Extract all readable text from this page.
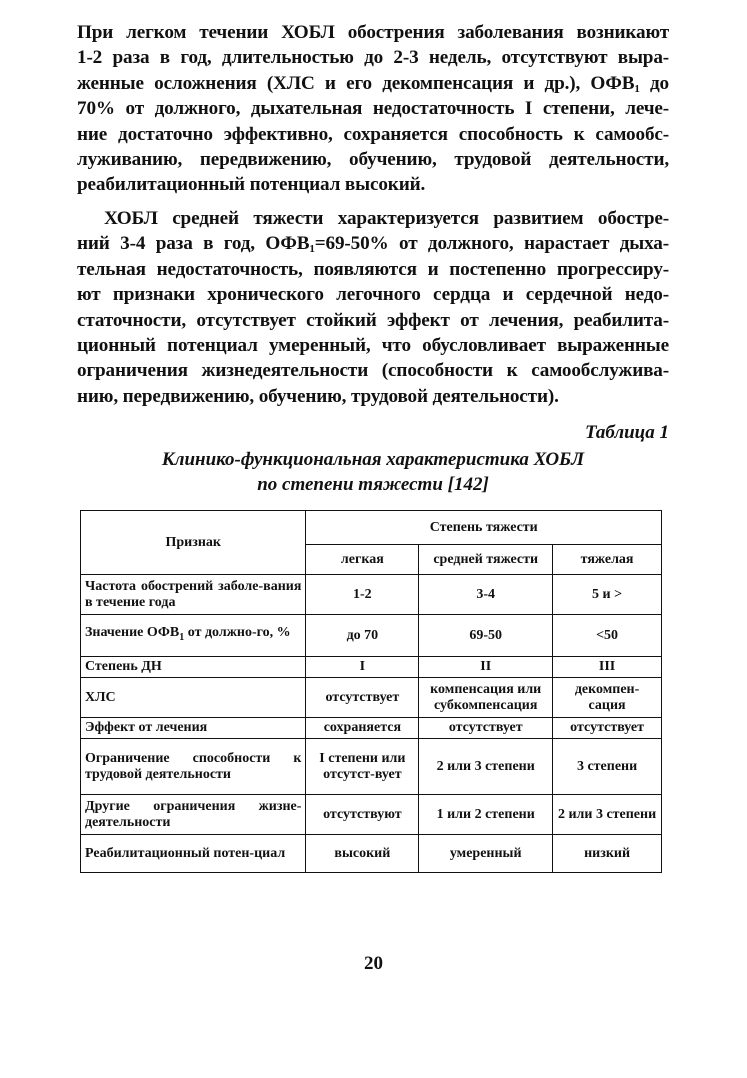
При легком течении ХОБЛ обострения заболевания возникают
1-2 раза в год, длительностью до 2-3 недель, отсутствуют выра-
женные осложнения (ХЛС и его декомпенсация и др.), $ОФВ_1$ до
70% от должного, дыхательная недостаточность I степени, лече-
ние достаточно эффективно, сохраняется способность к самообс-
луживанию, передвижению, обучению, трудовой деятельности,
реабилитационный потенциал высокий.
ХОБЛ средней тяжести характеризуется развитием обостре-
ний 3-4 раза в год, $ОФВ_1=69-50\%$ от должного, нарастает дыха-
тельная недостаточность, появляются и постепенно прогрессиру-
ют признаки хронического легочного сердца и сердечной недо-
статочности, отсутствует стойкий эффект от лечения, реабилита-
ционный потенциал умеренный, что обусловливает выраженные
ограничения жизнедеятельности (способности к самообслужива-
нию, передвижению, обучению, трудовой деятельности).

Таблица 1

Клинико-функциональная характеристика ХОБЛ
по степени тяжести [142]
Признак	Степень тяжести		
	легкая	средней тяжести	тяжелая
Частота обострений заболе-вания в течение года	1-2	3-4	5 и >
Значение $ОФВ_1$ от должно-го, %	до 70	69-50	<50
Степень ДН	I	II	III
ХЛС	отсутствует	компенсация или субкомпенсация	декомпен-сация
Эффект от лечения	сохраняется	отсутствует	отсутствует
Ограничение способности к трудовой деятельности	I степени или отсутст-вует	2 или 3 степени	3 степени
Другие ограничения жизне-деятельности	отсутствуют	1 или 2 степени	2 или 3 степени
Реабилитационный потен-циал	высокий	умеренный	низкий

20
